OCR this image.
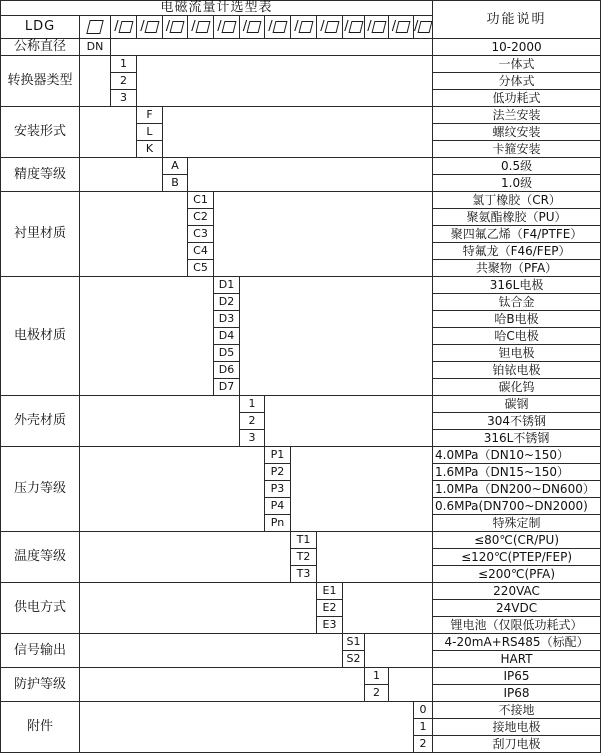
电磁流量计选型表															功能说明
LDG		/	/	/	/	/	/	/	/	/	/	/	/	/	
公称直径	DN														10-2000
转换器类型		1													一体式
		2													分体式
		3													低功耗式
安装形式			F												法兰安装
			L												螺纹安装
			K												卡箍安装
精度等级				A											0.5级
				B											1.0级
衬里材质					C1										氯丁橡胶（CR）
					C2										聚氨酯橡胶（PU）
					C3										聚四氟乙烯（F4/PTFE）
					C4										特氟龙（F46/FEP）
					C5										共聚物（PFA）
电极材质						D1									316L电极
						D2									钛合金
						D3									哈B电极
						D4									哈C电极
						D5									钽电极
						D6									铂铱电极
						D7									碳化钨
外壳材质							1								碳钢
							2								304不锈钢
							3								316L不锈钢
压力等级								P1							4.0MPa（DN10~150）
								P2							1.6MPa（DN15~150）
								P3							1.0MPa（DN200~DN600）
								P4							0.6MPa(DN700~DN2000)
								Pn							特殊定制
温度等级									T1						≤80℃(CR/PU)
									T2						≤120℃(PTEP/FEP)
									T3						≤200℃(PFA)
供电方式										E1					220VAC
										E2					24VDC
										E3					锂电池（仅限低功耗式）
信号输出											S1				4-20mA+RS485（标配）
											S2				HART
防护等级												1			IP65
												2			IP68
附件														0	不接地
														1	接地电极
														2	刮刀电极
